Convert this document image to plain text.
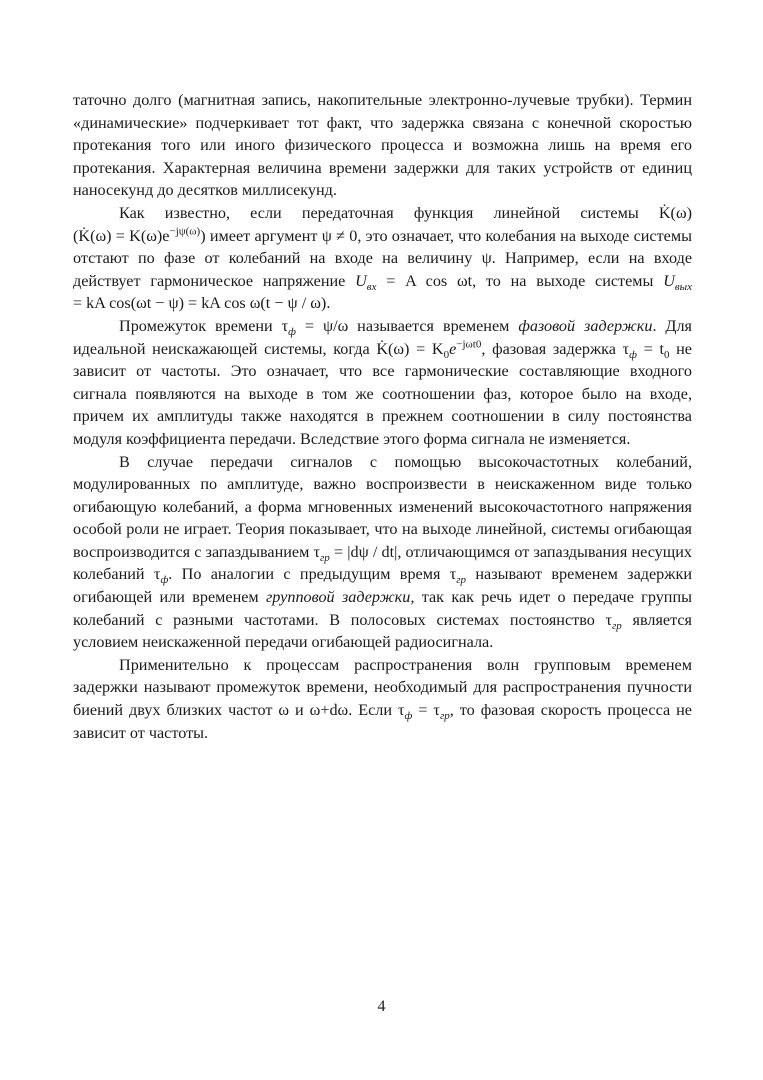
таточно долго (магнитная запись, накопительные электронно-лучевые трубки). Термин «динамические» подчеркивает тот факт, что задержка связана с конечной скоростью протекания того или иного физического процесса и возможна лишь на время его протекания. Характерная величина времени задержки для таких устройств от единиц наносекунд до десятков миллисекунд.

Как известно, если передаточная функция линейной системы K̇(ω) (K̇(ω) = $K(\omega)e^{-j\psi(\omega)}$) имеет аргумент ψ ≠ 0, это означает, что колебания на выходе системы отстают по фазе от колебаний на входе на величину ψ. Например, если на входе действует гармоническое напряжение $U_{вх} = A$ cos ωt, то на выходе системы $U_{вых}$ = kA cos(ωt − ψ) = kA cos ω(t − ψ / ω).

Промежуток времени $\tau_ф = \psi/\omega$ называется временем фазовой задержки. Для идеальной неискажающей системы, когда K̇(ω) = $K_0e^{-j\omega t0}$, фазовая задержка $\tau_ф = t_0$ не зависит от частоты. Это означает, что все гармонические составляющие входного сигнала появляются на выходе в том же соотношении фаз, которое было на входе, причем их амплитуды также находятся в прежнем соотношении в силу постоянства модуля коэффициента передачи. Вследствие этого форма сигнала не изменяется.

В случае передачи сигналов с помощью высокочастотных колебаний, модулированных по амплитуде, важно воспроизвести в неискаженном виде только огибающую колебаний, а форма мгновенных изменений высокочастотного напряжения особой роли не играет. Теория показывает, что на выходе линейной, системы огибающая воспроизводится с запаздыванием $\tau_{гр} = |d\psi / dt|$, отличающимся от запаздывания несущих колебаний $\tau_ф$. По аналогии с предыдущим время $\tau_{гр}$ называют временем задержки огибающей или временем групповой задержки, так как речь идет о передаче группы колебаний с разными частотами. В полосовых системах постоянство $\tau_{гр}$ является условием неискаженной передачи огибающей радиосигнала.

Применительно к процессам распространения волн групповым временем задержки называют промежуток времени, необходимый для распространения пучности биений двух близких частот ω и ω+dω. Если $\tau_ф = \tau_{гр}$, то фазовая скорость процесса не зависит от частоты.

4
